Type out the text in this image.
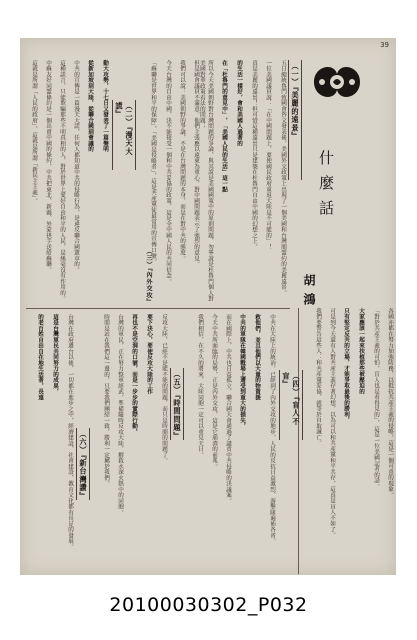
39
什麼話
胡鴻
（一）『美麗的遠景』
五日總統魯門致國會咨文發表後，美國外交政策上出現了一個美國和台灣間盟約的美麗遠景。
一位美國議員說：「在中國問題上，要使國民政府重返大陸是不可能的」！
真是美麗的遠景！但可惜這種遠景只是建築在杜魯門自由中國的幻想之上。
的生活一樣好，會和美國人過著的
在「杜魯門的意見中」，「美國人民的生活」這一點
所以今天美國朝野對台灣問題的爭論，與其說是美國國策中的原則問題，勿寧說是杜魯門個人對美國對華政策看法的問題；
但是國會議員不滿意。他們主張應以遠東為重心，對中國問題表示了強烈的意見。
我們可以說：美國朝野的爭論，不是在台灣問題的本身，而是在對中共的態度。
今天台灣的自由中國，決不能接受一個和中共妥協的政策，這是全中國人民的共同信念。
（二）『漫天大謊』	「蘇聯是世界和平的保障」，「美國是侵略者」，這是共產黨徒最常用的宣傳口號。
動大攻勢，十七日又發表了一篇聲明
從新加坡到大陸，從聯合國到會議的
中共的宣傳是一篇漫天大謊，任何人都知道中共的侵略行為，是違反聯合國憲章的。
這種謊言，只能欺騙那些不明真相的人，對於世界上愛好自由和平的人民，是絲毫沒有作用的。
中蘇友好同盟條約是一個出賣中國的條約，中共把東北、新疆、外蒙拱手送給蘇聯。
這就是所謂「人民的政府」，這就是所謂「新民主主義」。
各國亦都在努力加強防務，以抵抗共產主義的侵略，這是一個可喜的現象。
「對於共產主義的可怕，盲人也是看得見的」，這是一位美國記者的話。
大家應該一起來扶植那些被壓迫的
只有堅定反共的立場，才能爭取最後的勝利，
可是到今天還有人對共產主義存著幻想，以為可以和共產黨和平共存，這真是盲人不如了。
我們要警告這些人：和共產黨妥協，就等於自取滅亡。
（四）『盲人不盲』
中共在大陸上的統治，已經到了內外交攻的地步，人民的反抗日益激烈，游擊隊遍佈各省。
救他們，並且他們以大量的物資援
中共的軍隊在韓國戰場上遭受到重大的損失，
而在國際上，中共也日益孤立，聯合國大會通過了譴責中共侵略的決議案。
今天中共所面臨的局勢，正是內外交攻，這是它崩潰的前兆。
我們相信，在不久的將來，大陸同胞一定可以重見天日。
（五）『時間問題』
反攻大陸，已經不是能不能的問題，而只是時間的問題了。
要下決心，要使反攻大陸的工作
再也不是空洞的口號，而是一步步的實際行動，
台灣的軍民，正在努力整軍經武，準備隨時反攻大陸，解救水深火熱中的同胞。
時間是站在我們這一邊的，只要我們團結一致，勝利一定屬於我們。
（六）『新台灣讚』
台灣在政府遷台以後，一切都在進步之中，經濟建設、社會建設、教育文化都有長足的發展。
這是台灣軍民共同努力的成果，
的老百姓自由自在地生活著，長遠
（三）『內外交攻』
20100030302_P032
